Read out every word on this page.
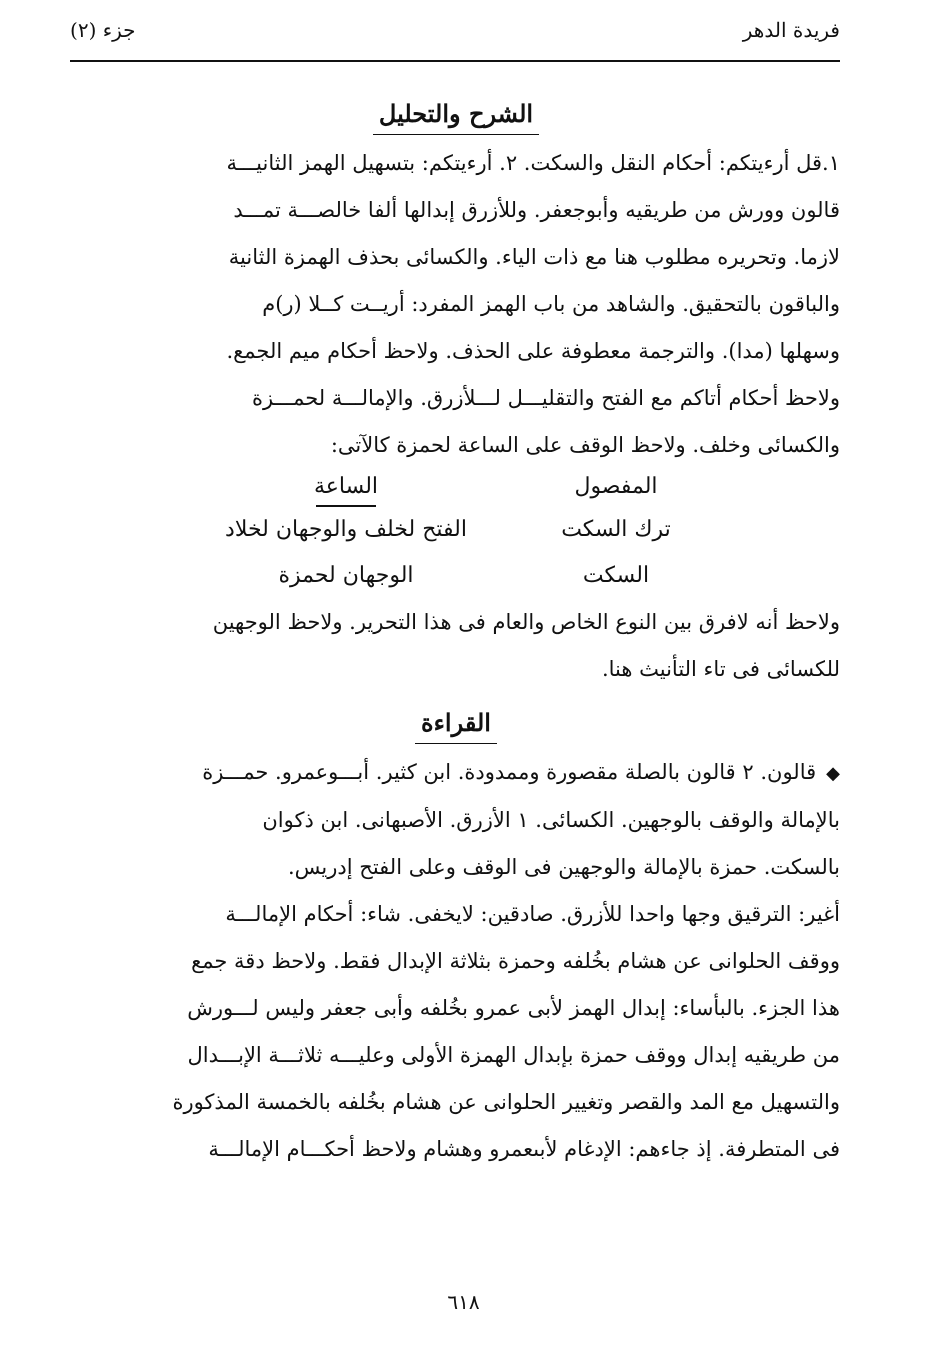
جزء (٢)	فريدة الدهر
الشرح والتحليل

١.قل أرءيتكم: أحكام النقل والسكت. ٢. أرءيتكم: بتسهيل الهمز الثانيـــة

قالون وورش من طريقيه وأبوجعفر. وللأزرق إبدالها ألفا خالصـــة تمـــد

لازما. وتحريره مطلوب هنا مع ذات الياء. والكسائى بحذف الهمزة الثانية

والباقون بالتحقيق. والشاهد من باب الهمز المفرد: أريــت كــلا (ر)م

وسهلها (مدا). والترجمة معطوفة على الحذف. ولاحظ أحكام ميم الجمع.

ولاحظ أحكام أتاكم مع الفتح والتقليـــل لـــلأزرق. والإمالـــة لحمـــزة

والكسائى وخلف. ولاحظ الوقف على الساعة لحمزة كالآتى:

المفصول
الساعة
ترك السكت
الفتح لخلف والوجهان لخلاد
السكت
الوجهان لحمزة

ولاحظ أنه لافرق بين النوع الخاص والعام فى هذا التحرير. ولاحظ الوجهين

للكسائى فى تاء التأنيث هنا.

القراءة

◆قالون. ٢ قالون بالصلة مقصورة وممدودة. ابن كثير. أبـــوعمرو. حمـــزة

بالإمالة والوقف بالوجهين. الكسائى. ١ الأزرق. الأصبهانى. ابن ذكوان

بالسكت. حمزة بالإمالة والوجهين فى الوقف وعلى الفتح إدريس.

أغير: الترقيق وجها واحدا للأزرق. صادقين: لايخفى. شاء: أحكام الإمالـــة

ووقف الحلوانى عن هشام بخُلفه وحمزة بثلاثة الإبدال فقط. ولاحظ دقة جمع

هذا الجزء. بالبأساء: إبدال الهمز لأبى عمرو بخُلفه وأبى جعفر وليس لـــورش

من طريقيه إبدال ووقف حمزة بإبدال الهمزة الأولى وعليـــه ثلاثـــة الإبـــدال

والتسهيل مع المد والقصر وتغيير الحلوانى عن هشام بخُلفه بالخمسة المذكورة

فى المتطرفة. إذ جاءهم: الإدغام لأبىعمرو وهشام ولاحظ أحكـــام الإمالـــة

٦١٨
